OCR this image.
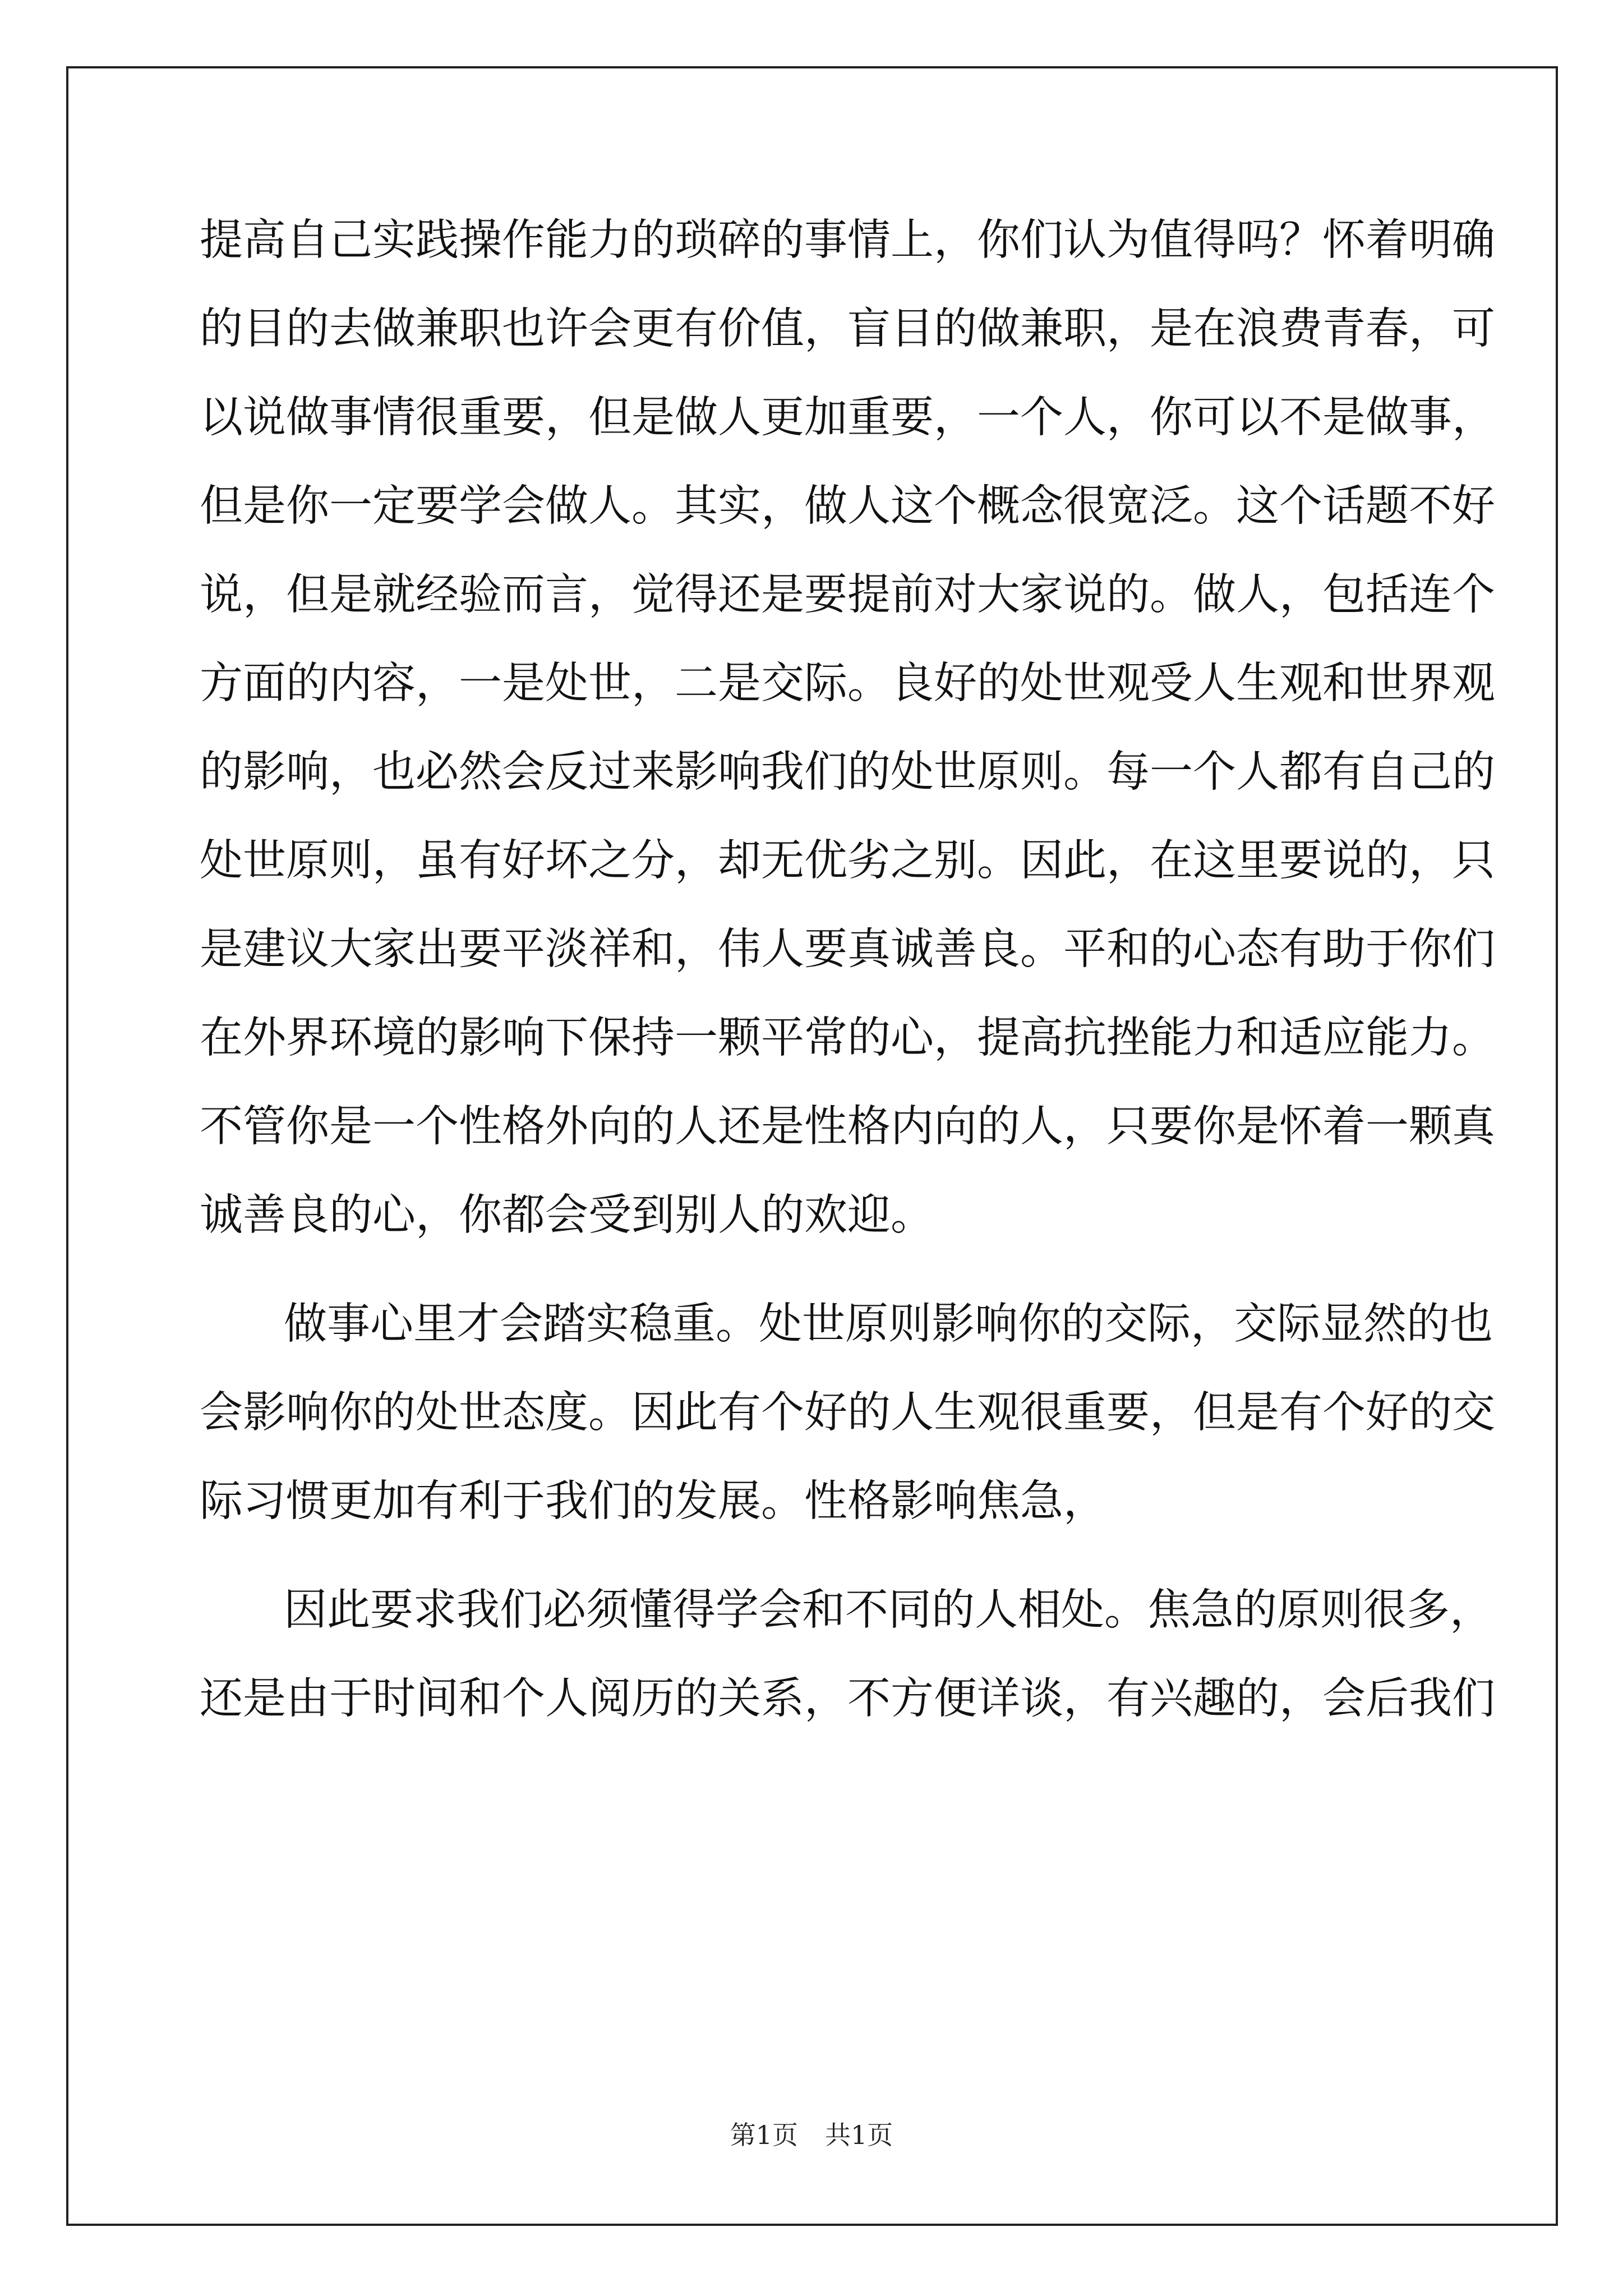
提高自己实践操作能力的琐碎的事情上，你们认为值得吗？怀着明确
的目的去做兼职也许会更有价值，盲目的做兼职，是在浪费青春，可
以说做事情很重要，但是做人更加重要，一个人，你可以不是做事，
但是你一定要学会做人。其实，做人这个概念很宽泛。这个话题不好
说，但是就经验而言，觉得还是要提前对大家说的。做人，包括连个
方面的内容，一是处世，二是交际。良好的处世观受人生观和世界观
的影响，也必然会反过来影响我们的处世原则。每一个人都有自己的
处世原则，虽有好坏之分，却无优劣之别。因此，在这里要说的，只
是建议大家出要平淡祥和，伟人要真诚善良。平和的心态有助于你们
在外界环境的影响下保持一颗平常的心，提高抗挫能力和适应能力。
不管你是一个性格外向的人还是性格内向的人，只要你是怀着一颗真
诚善良的心，你都会受到别人的欢迎。
做事心里才会踏实稳重。处世原则影响你的交际，交际显然的也
会影响你的处世态度。因此有个好的人生观很重要，但是有个好的交
际习惯更加有利于我们的发展。性格影响焦急，
因此要求我们必须懂得学会和不同的人相处。焦急的原则很多，
还是由于时间和个人阅历的关系，不方便详谈，有兴趣的，会后我们
第1页 共1页
